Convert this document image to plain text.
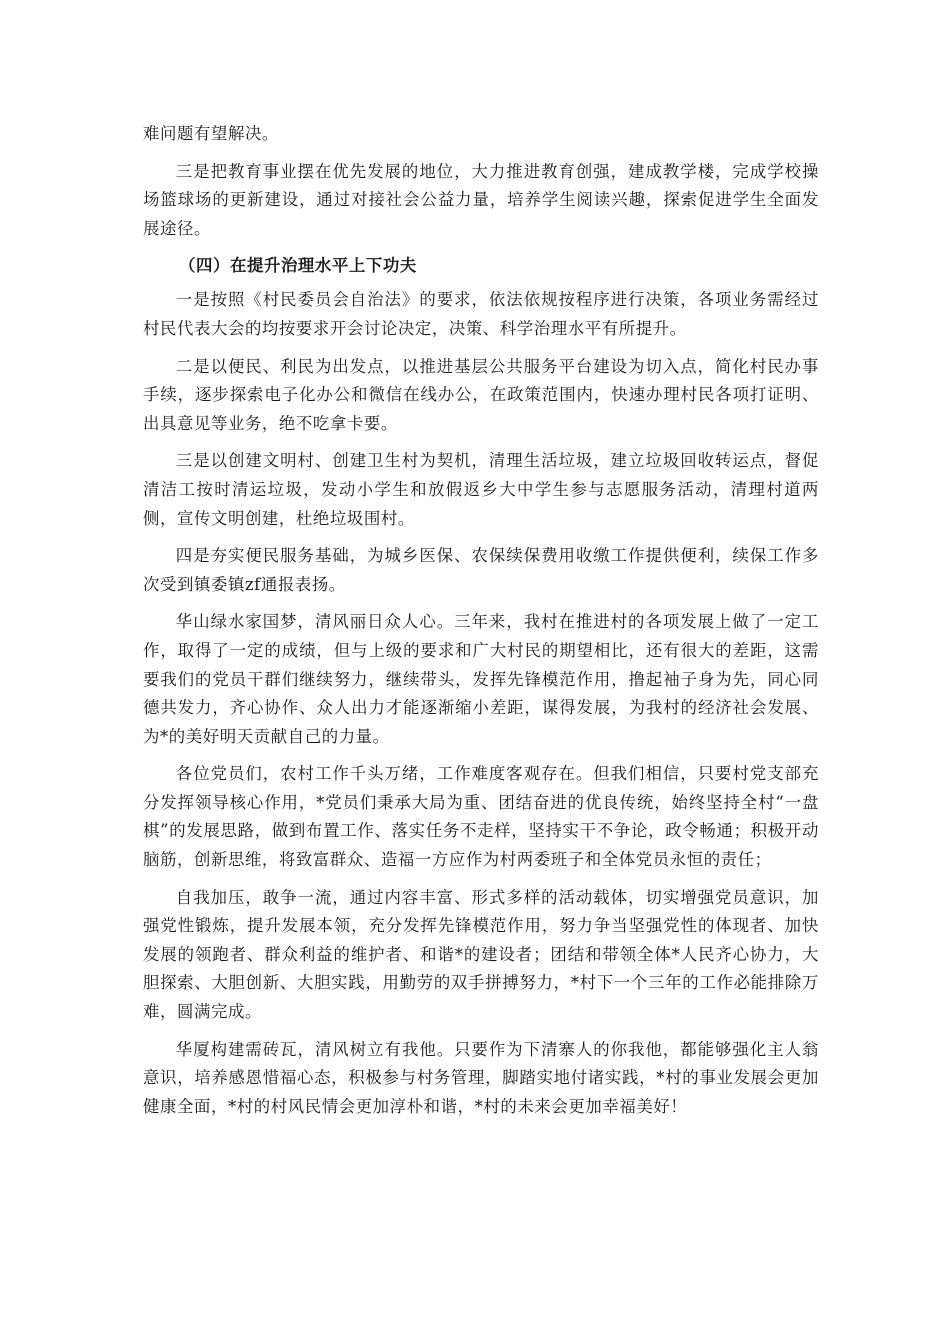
难问题有望解决。

三是把教育事业摆在优先发展的地位，大力推进教育创强，建成教学楼，完成学校操场篮球场的更新建设，通过对接社会公益力量，培养学生阅读兴趣，探索促进学生全面发展途径。

（四）在提升治理水平上下功夫

一是按照《村民委员会自治法》的要求，依法依规按程序进行决策，各项业务需经过村民代表大会的均按要求开会讨论决定，决策、科学治理水平有所提升。

二是以便民、利民为出发点，以推进基层公共服务平台建设为切入点，简化村民办事手续，逐步探索电子化办公和微信在线办公，在政策范围内，快速办理村民各项打证明、出具意见等业务，绝不吃拿卡要。

三是以创建文明村、创建卫生村为契机，清理生活垃圾，建立垃圾回收转运点，督促清洁工按时清运垃圾，发动小学生和放假返乡大中学生参与志愿服务活动，清理村道两侧，宣传文明创建，杜绝垃圾围村。

四是夯实便民服务基础，为城乡医保、农保续保费用收缴工作提供便利，续保工作多次受到镇委镇zf通报表扬。

华山绿水家国梦，清风丽日众人心。三年来，我村在推进村的各项发展上做了一定工作，取得了一定的成绩，但与上级的要求和广大村民的期望相比，还有很大的差距，这需要我们的党员干群们继续努力，继续带头，发挥先锋模范作用，撸起袖子身为先，同心同德共发力，齐心协作、众人出力才能逐渐缩小差距，谋得发展，为我村的经济社会发展、为*的美好明天贡献自己的力量。

各位党员们，农村工作千头万绪，工作难度客观存在。但我们相信，只要村党支部充分发挥领导核心作用，*党员们秉承大局为重、团结奋进的优良传统，始终坚持全村“一盘棋”的发展思路，做到布置工作、落实任务不走样，坚持实干不争论，政令畅通；积极开动脑筋，创新思维，将致富群众、造福一方应作为村两委班子和全体党员永恒的责任；

自我加压，敢争一流，通过内容丰富、形式多样的活动载体，切实增强党员意识，加强党性锻炼，提升发展本领，充分发挥先锋模范作用，努力争当坚强党性的体现者、加快发展的领跑者、群众利益的维护者、和谐*的建设者；团结和带领全体*人民齐心协力，大胆探索、大胆创新、大胆实践，用勤劳的双手拼搏努力，*村下一个三年的工作必能排除万难，圆满完成。

华厦构建需砖瓦，清风树立有我他。只要作为下清寨人的你我他，都能够强化主人翁意识，培养感恩惜福心态，积极参与村务管理，脚踏实地付诸实践，*村的事业发展会更加健康全面，*村的村风民情会更加淳朴和谐，*村的未来会更加幸福美好！
